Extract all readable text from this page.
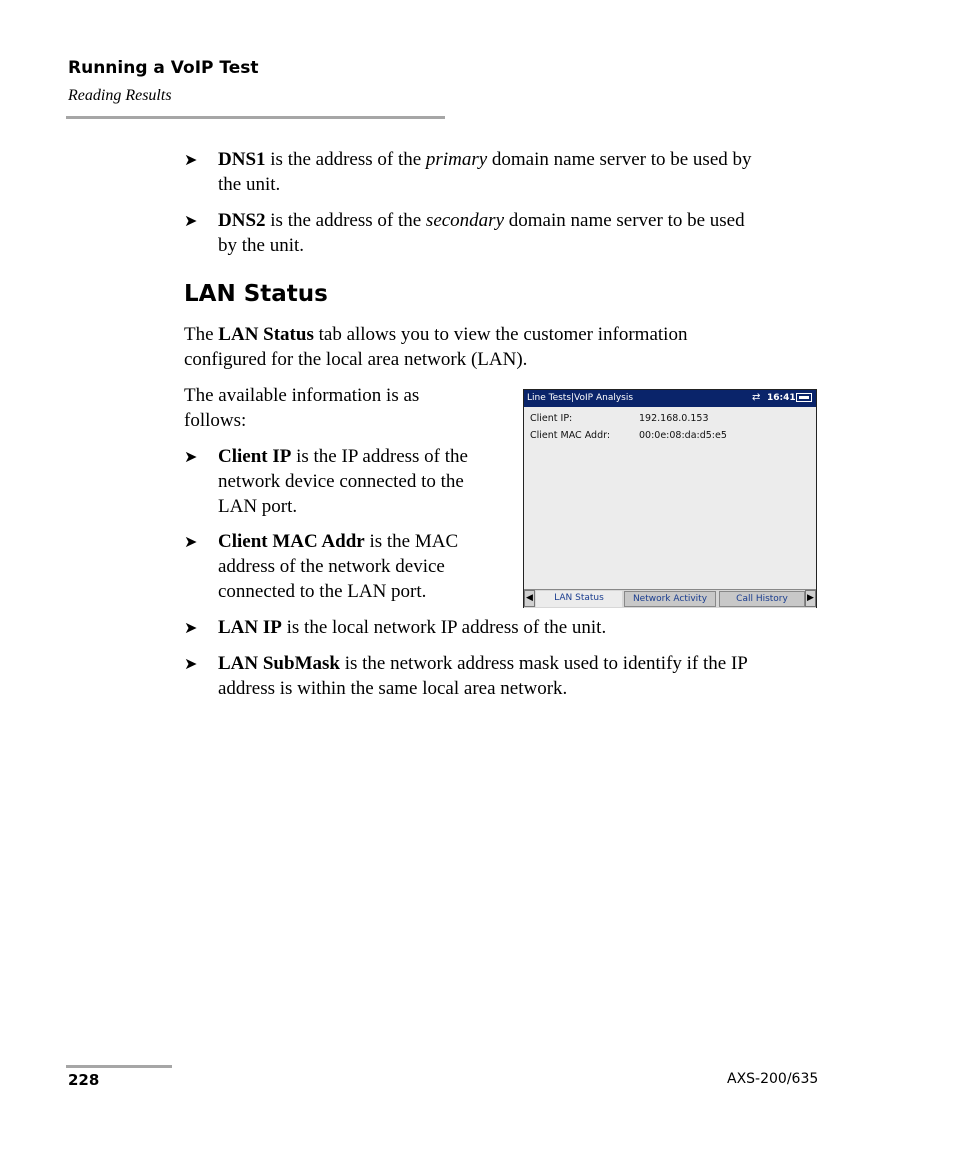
Running a VoIP Test
Reading Results
➤ DNS1 is the address of the primary domain name server to be used by
the unit.
➤ DNS2 is the address of the secondary domain name server to be used
by the unit.
LAN Status
The LAN Status tab allows you to view the customer information
configured for the local area network (LAN).
The available information is as
follows:
➤ Client IP is the IP address of the
network device connected to the
LAN port.
➤ Client MAC Addr is the MAC
address of the network device
connected to the LAN port.
Line Tests|VoIP Analysis	⇄ 16:41
Client IP:	192.168.0.153
Client MAC Addr:	00:0e:08:da:d5:e5
◀	LAN Status	Network Activity	Call History	▶
➤ LAN IP is the local network IP address of the unit.
➤ LAN SubMask is the network address mask used to identify if the IP
address is within the same local area network.
228	AXS-200/635
